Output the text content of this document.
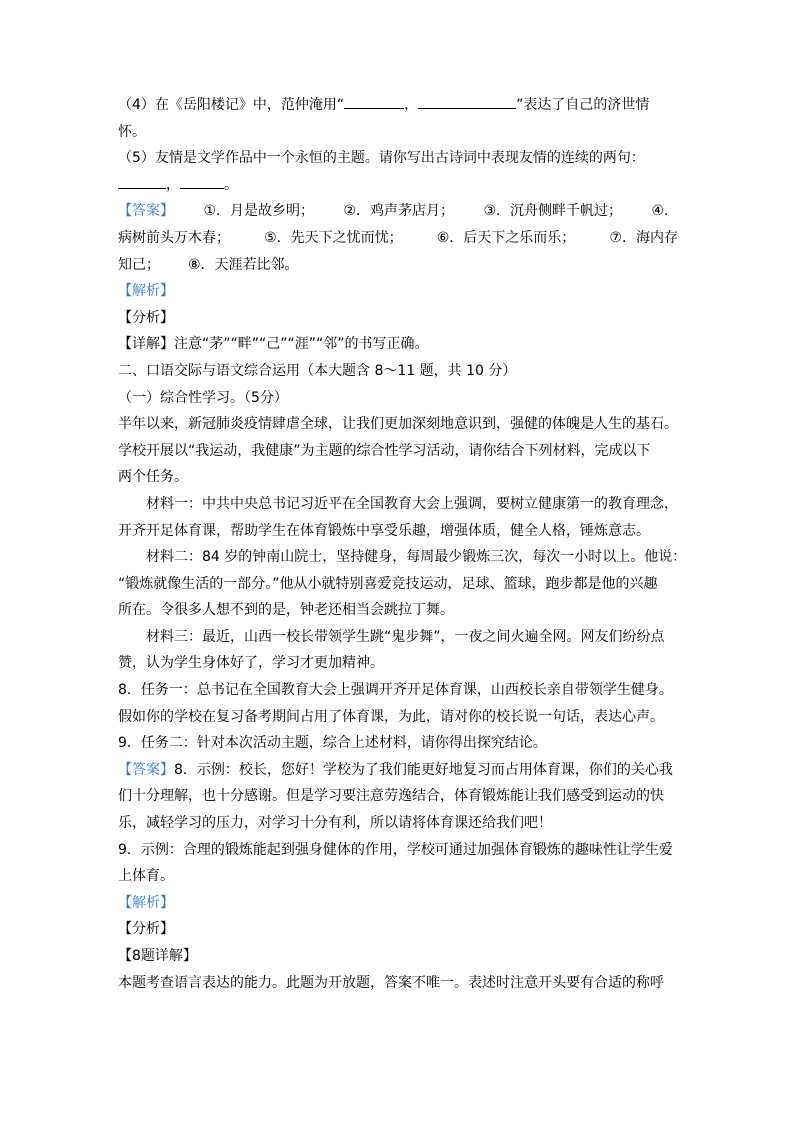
（4）在《岳阳楼记》中，范仲淹用“	，	”表达了自己的济世情
怀。
（5）友情是文学作品中一个永恒的主题。请你写出古诗词中表现友情的连续的两句：
，	。
【答案】 ①．月是故乡明； ②．鸡声茅店月； ③．沉舟侧畔千帆过； ④．
病树前头万木春； ⑤．先天下之忧而忧； ⑥．后天下之乐而乐； ⑦．海内存
知己； ⑧．天涯若比邻。
【解析】
【分析】
【详解】注意“茅”“畔”“己”“涯”“邻”的书写正确。
二、口语交际与语文综合运用（本大题含 8～11 题，共 10 分）
（一）综合性学习。（5分）
半年以来，新冠肺炎疫情肆虐全球，让我们更加深刻地意识到，强健的体魄是人生的基石。
学校开展以“我运动，我健康”为主题的综合性学习活动，请你结合下列材料，完成以下
两个任务。
材料一：中共中央总书记习近平在全国教育大会上强调，要树立健康第一的教育理念，
开齐开足体育课，帮助学生在体育锻炼中享受乐趣，增强体质，健全人格，锤炼意志。
材料二：84 岁的钟南山院士，坚持健身，每周最少锻炼三次，每次一小时以上。他说：
“锻炼就像生活的一部分。”他从小就特别喜爱竞技运动，足球、篮球，跑步都是他的兴趣
所在。令很多人想不到的是，钟老还相当会跳拉丁舞。
材料三：最近，山西一校长带领学生跳“鬼步舞”，一夜之间火遍全网。网友们纷纷点
赞，认为学生身体好了，学习才更加精神。
8．任务一：总书记在全国教育大会上强调开齐开足体育课，山西校长亲自带领学生健身。
假如你的学校在复习备考期间占用了体育课，为此，请对你的校长说一句话，表达心声。
9．任务二：针对本次活动主题，综合上述材料，请你得出探究结论。
【答案】8．示例：校长，您好！学校为了我们能更好地复习而占用体育课，你们的关心我
们十分理解，也十分感谢。但是学习要注意劳逸结合，体育锻炼能让我们感受到运动的快
乐，减轻学习的压力，对学习十分有利，所以请将体育课还给我们吧！
9．示例：合理的锻炼能起到强身健体的作用，学校可通过加强体育锻炼的趣味性让学生爱
上体育。
【解析】
【分析】
【8题详解】
本题考查语言表达的能力。此题为开放题，答案不唯一。表述时注意开头要有合适的称呼
